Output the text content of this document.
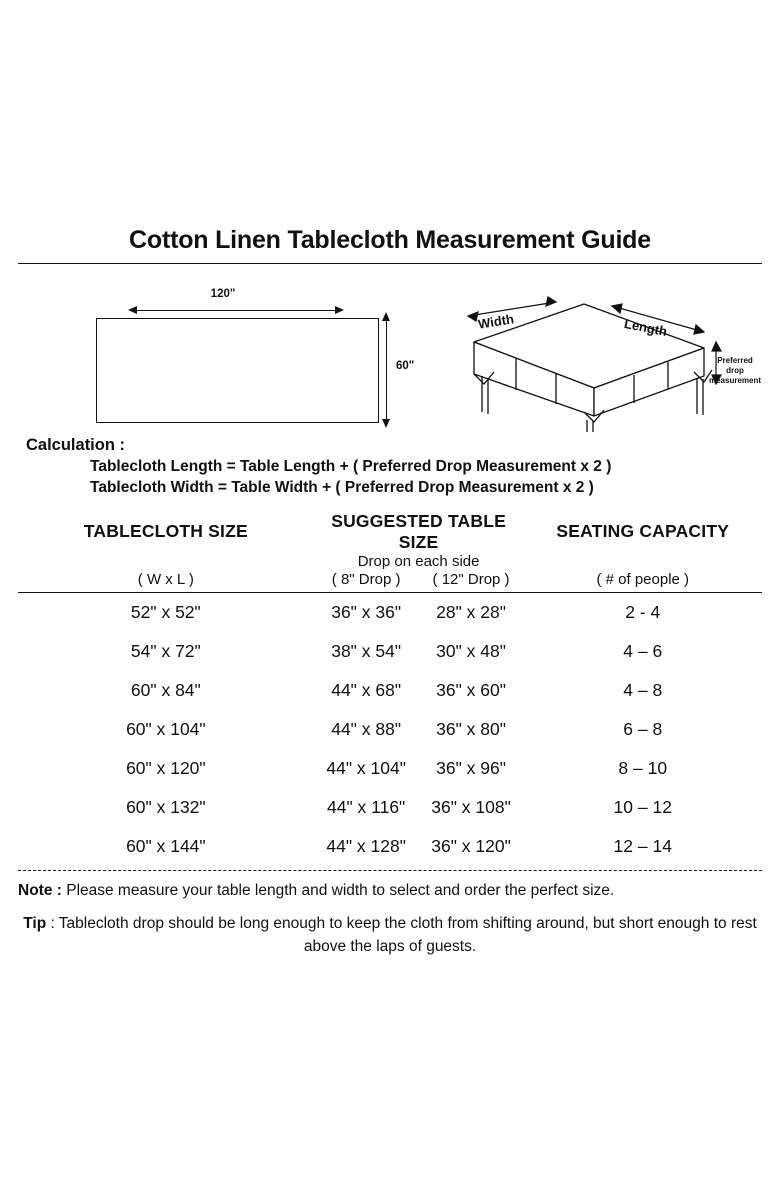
Cotton Linen Tablecloth Measurement Guide
120"
60"
Width	Length
Preferred
drop
measurement
Calculation :
Tablecloth Length = Table Length + ( Preferred Drop Measurement x 2 )
Tablecloth Width = Table Width + ( Preferred Drop Measurement x 2 )
TABLECLOTH SIZE	SUGGESTED TABLE SIZE		SEATING CAPACITY
	Drop on each side		
( W x L )	( 8" Drop )	( 12" Drop )	( # of people )
52" x 52"	36" x 36"	28" x 28"	2 - 4
54" x 72"	38" x 54"	30" x 48"	4 – 6
60" x 84"	44" x 68"	36" x 60"	4 – 8
60" x 104"	44" x 88"	36" x 80"	6 – 8
60" x 120"	44" x 104"	36" x 96"	8 – 10
60" x 132"	44" x 116"	36" x 108"	10 – 12
60" x 144"	44" x 128"	36" x 120"	12 – 14

Note : Please measure your table length and width to select and order the perfect size.

Tip : Tablecloth drop should be long enough to keep the cloth from shifting around, but short enough to rest above the laps of guests.
